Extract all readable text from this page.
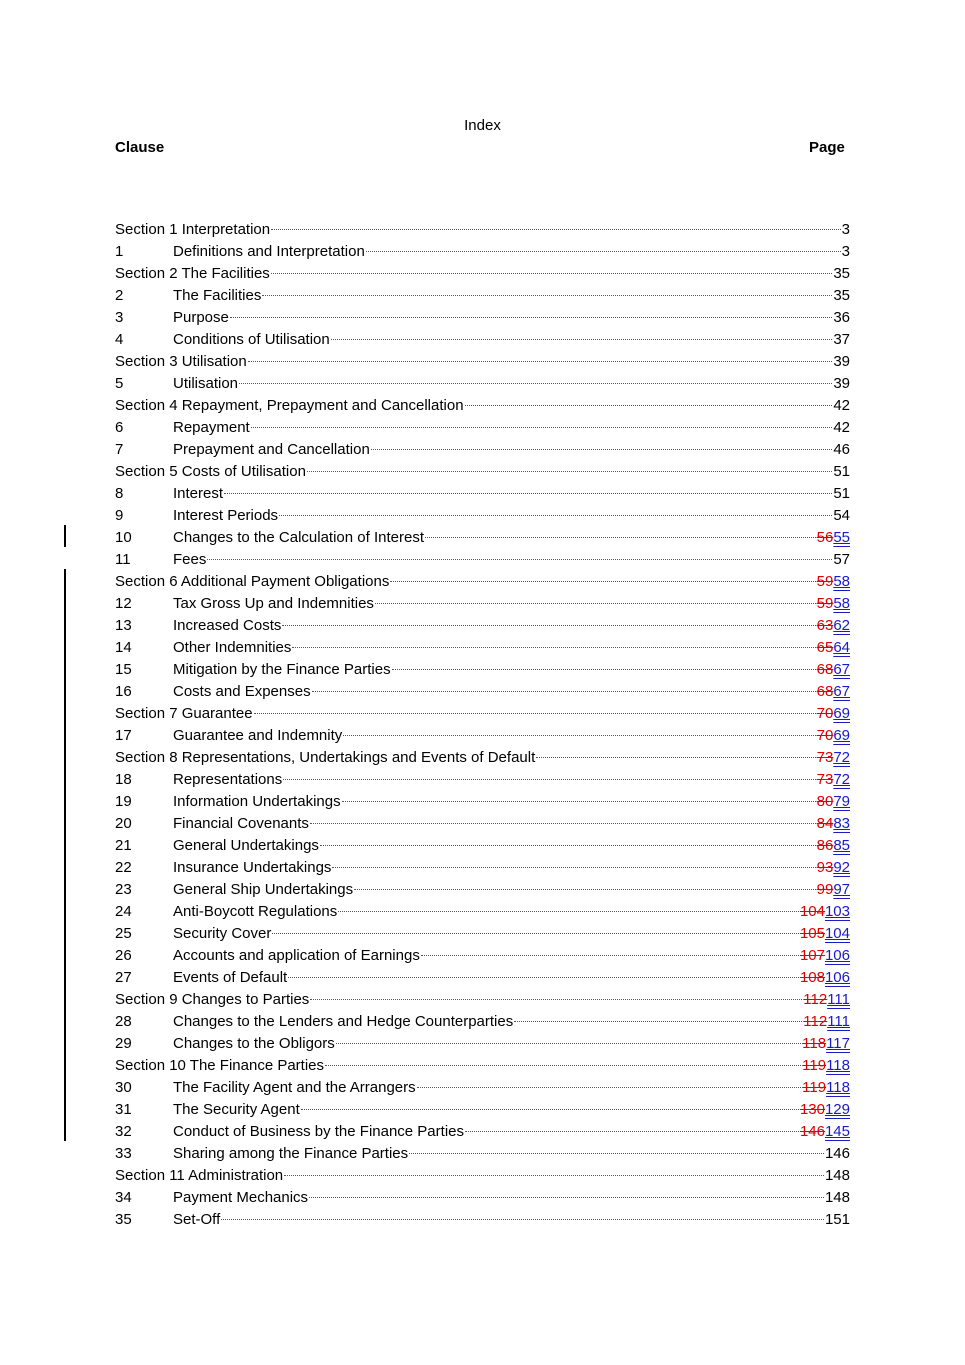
Index
Clause	Page
Section 1 Interpretation	3
1	Definitions and Interpretation	3
Section 2 The Facilities	35
2	The Facilities	35
3	Purpose	36
4	Conditions of Utilisation	37
Section 3 Utilisation	39
5	Utilisation	39
Section 4 Repayment, Prepayment and Cancellation	42
6	Repayment	42
7	Prepayment and Cancellation	46
Section 5 Costs of Utilisation	51
8	Interest	51
9	Interest Periods	54
10	Changes to the Calculation of Interest	5655
11	Fees	57
Section 6 Additional Payment Obligations	5958
12	Tax Gross Up and Indemnities	5958
13	Increased Costs	6362
14	Other Indemnities	6564
15	Mitigation by the Finance Parties	6867
16	Costs and Expenses	6867
Section 7 Guarantee	7069
17	Guarantee and Indemnity	7069
Section 8 Representations, Undertakings and Events of Default	7372
18	Representations	7372
19	Information Undertakings	8079
20	Financial Covenants	8483
21	General Undertakings	8685
22	Insurance Undertakings	9392
23	General Ship Undertakings	9997
24	Anti-Boycott Regulations	104103
25	Security Cover	105104
26	Accounts and application of Earnings	107106
27	Events of Default	108106
Section 9 Changes to Parties	112111
28	Changes to the Lenders and Hedge Counterparties	112111
29	Changes to the Obligors	118117
Section 10 The Finance Parties	119118
30	The Facility Agent and the Arrangers	119118
31	The Security Agent	130129
32	Conduct of Business by the Finance Parties	146145
33	Sharing among the Finance Parties	146
Section 11 Administration	148
34	Payment Mechanics	148
35	Set-Off	151
